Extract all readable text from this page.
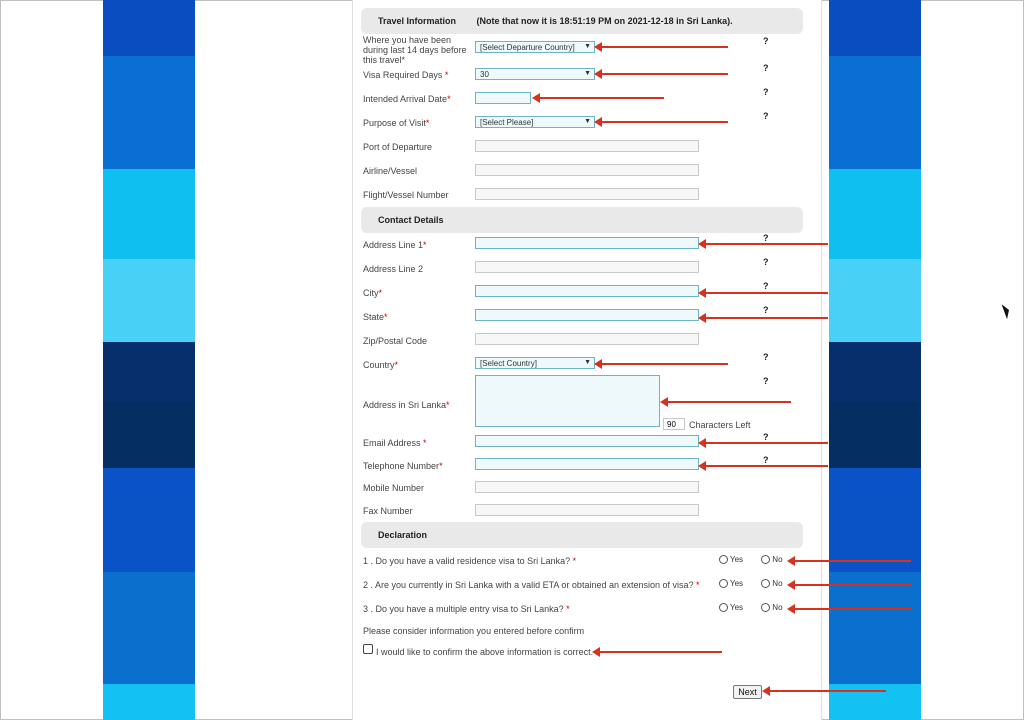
Travel Information (Note that now it is 18:51:19 PM on 2021-12-18 in Sri Lanka).
Where you have been during last 14 days before this travel*
[Select Departure Country] ▼
?
Visa Required Days *	30	▼
?
Intended Arrival Date*
?
Purpose of Visit*	[Select Please]	▼
?
Port of Departure
Airline/Vessel
Flight/Vessel Number
Contact Details
Address Line 1*
?
Address Line 2
?
City*
?
State*
?
Zip/Postal Code
Country*	[Select Country]	▼
?
Address in Sri Lanka*
?
90
Characters Left
Email Address *
?
Telephone Number*
?
Mobile Number
Fax Number
Declaration
1 . Do you have a valid residence visa to Sri Lanka? *	Yes	No
2 . Are you currently in Sri Lanka with a valid ETA or obtained an extension of visa? *	Yes	No
3 . Do you have a multiple entry visa to Sri Lanka? *	Yes	No
Please consider information you entered before confirm
I would like to confirm the above information is correct.
Next
